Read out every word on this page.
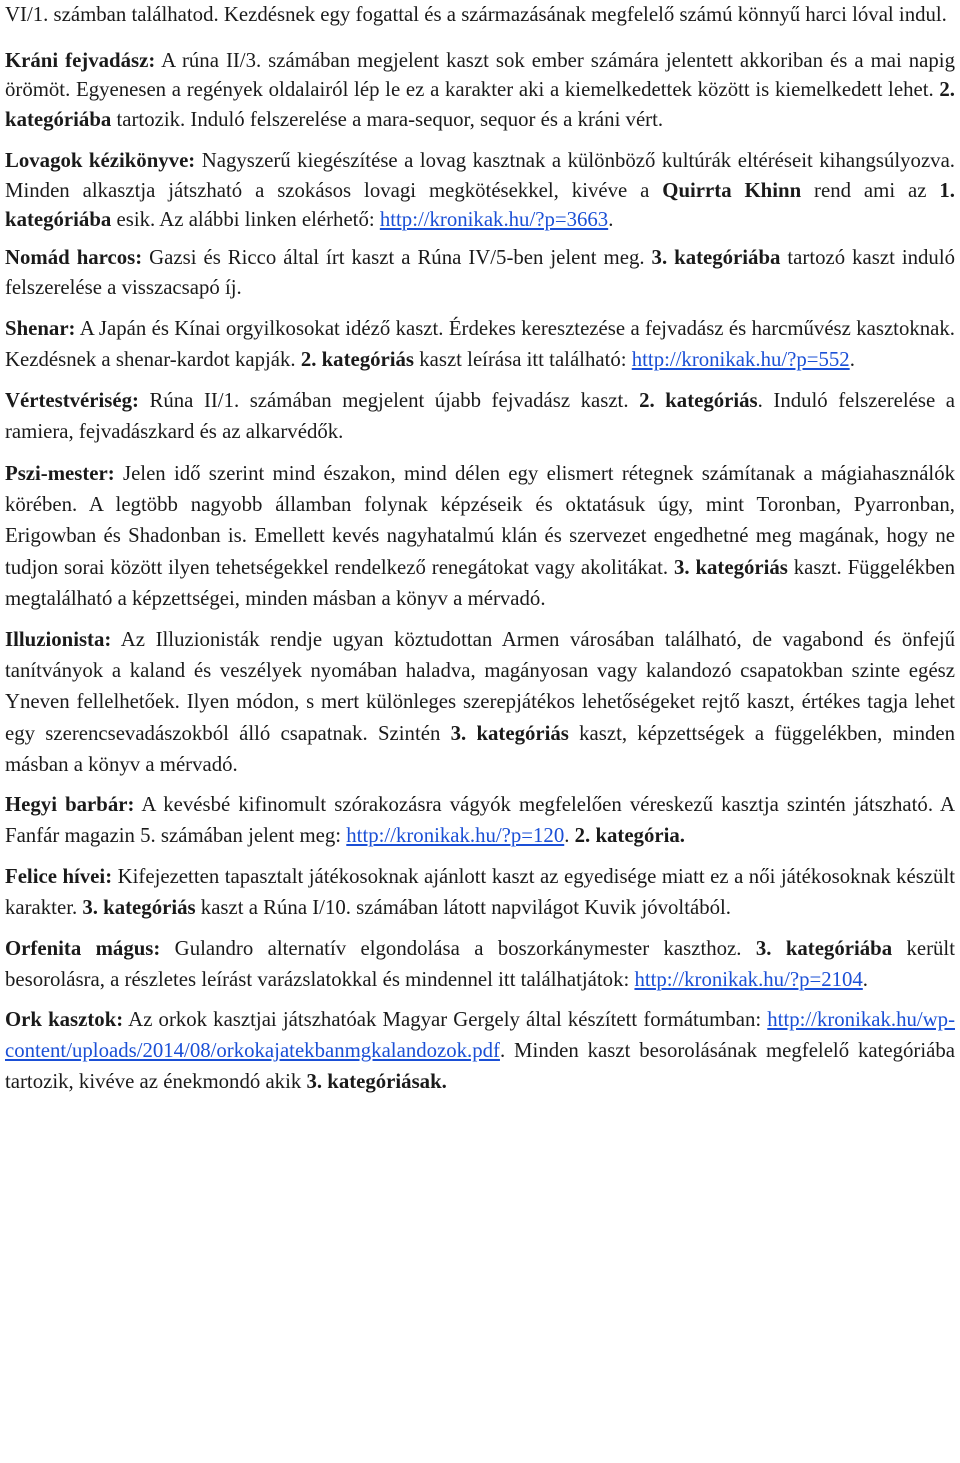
VI/1. számban találhatod. Kezdésnek egy fogattal és a származásának megfelelő számú könnyű harci lóval indul.

Kráni fejvadász: A rúna II/3. számában megjelent kaszt sok ember számára jelentett akkoriban és a mai napig örömöt. Egyenesen a regények oldalairól lép le ez a karakter aki a kiemelkedettek között is kiemelkedett lehet. 2. kategóriába tartozik. Induló felszerelése a mara-sequor, sequor és a kráni vért.

Lovagok kézikönyve: Nagyszerű kiegészítése a lovag kasztnak a különböző kultúrák eltéréseit kihangsúlyozva. Minden alkasztja játszható a szokásos lovagi megkötésekkel, kivéve a Quirrta Khinn rend ami az 1. kategóriába esik. Az alábbi linken elérhető: http://kronikak.hu/?p=3663.

Nomád harcos: Gazsi és Ricco által írt kaszt a Rúna IV/5-ben jelent meg. 3. kategóriába tartozó kaszt induló felszerelése a visszacsapó íj.

Shenar: A Japán és Kínai orgyilkosokat idéző kaszt. Érdekes keresztezése a fejvadász és harcművész kasztoknak. Kezdésnek a shenar-kardot kapják. 2. kategóriás kaszt leírása itt található: http://kronikak.hu/?p=552.

Vértestvériség: Rúna II/1. számában megjelent újabb fejvadász kaszt. 2. kategóriás. Induló felszerelése a ramiera, fejvadászkard és az alkarvédők.

Pszi-mester: Jelen idő szerint mind északon, mind délen egy elismert rétegnek számítanak a mágiahasználók körében. A legtöbb nagyobb államban folynak képzéseik és oktatásuk úgy, mint Toronban, Pyarronban, Erigowban és Shadonban is. Emellett kevés nagyhatalmú klán és szervezet engedhetné meg magának, hogy ne tudjon sorai között ilyen tehetségekkel rendelkező renegátokat vagy akolitákat. 3. kategóriás kaszt. Függelékben megtalálható a képzettségei, minden másban a könyv a mérvadó.

Illuzionista: Az Illuzionisták rendje ugyan köztudottan Armen városában található, de vagabond és önfejű tanítványok a kaland és veszélyek nyomában haladva, magányosan vagy kalandozó csapatokban szinte egész Yneven fellelhetőek. Ilyen módon, s mert különleges szerepjátékos lehetőségeket rejtő kaszt, értékes tagja lehet egy szerencsevadászokból álló csapatnak. Szintén 3. kategóriás kaszt, képzettségek a függelékben, minden másban a könyv a mérvadó.

Hegyi barbár: A kevésbé kifinomult szórakozásra vágyók megfelelően véreskezű kasztja szintén játszható. A Fanfár magazin 5. számában jelent meg: http://kronikak.hu/?p=120. 2. kategória.

Felice hívei: Kifejezetten tapasztalt játékosoknak ajánlott kaszt az egyedisége miatt ez a női játékosoknak készült karakter. 3. kategóriás kaszt a Rúna I/10. számában látott napvilágot Kuvik jóvoltából.

Orfenita mágus: Gulandro alternatív elgondolása a boszorkánymester kaszthoz. 3. kategóriába került besorolásra, a részletes leírást varázslatokkal és mindennel itt találhatjátok: http://kronikak.hu/?p=2104.

Ork kasztok: Az orkok kasztjai játszhatóak Magyar Gergely által készített formátumban: http://kronikak.hu/wp-content/uploads/2014/08/orkokajatekbanmgkalandozok.pdf. Minden kaszt besorolásának megfelelő kategóriába tartozik, kivéve az énekmondó akik 3. kategóriásak.
